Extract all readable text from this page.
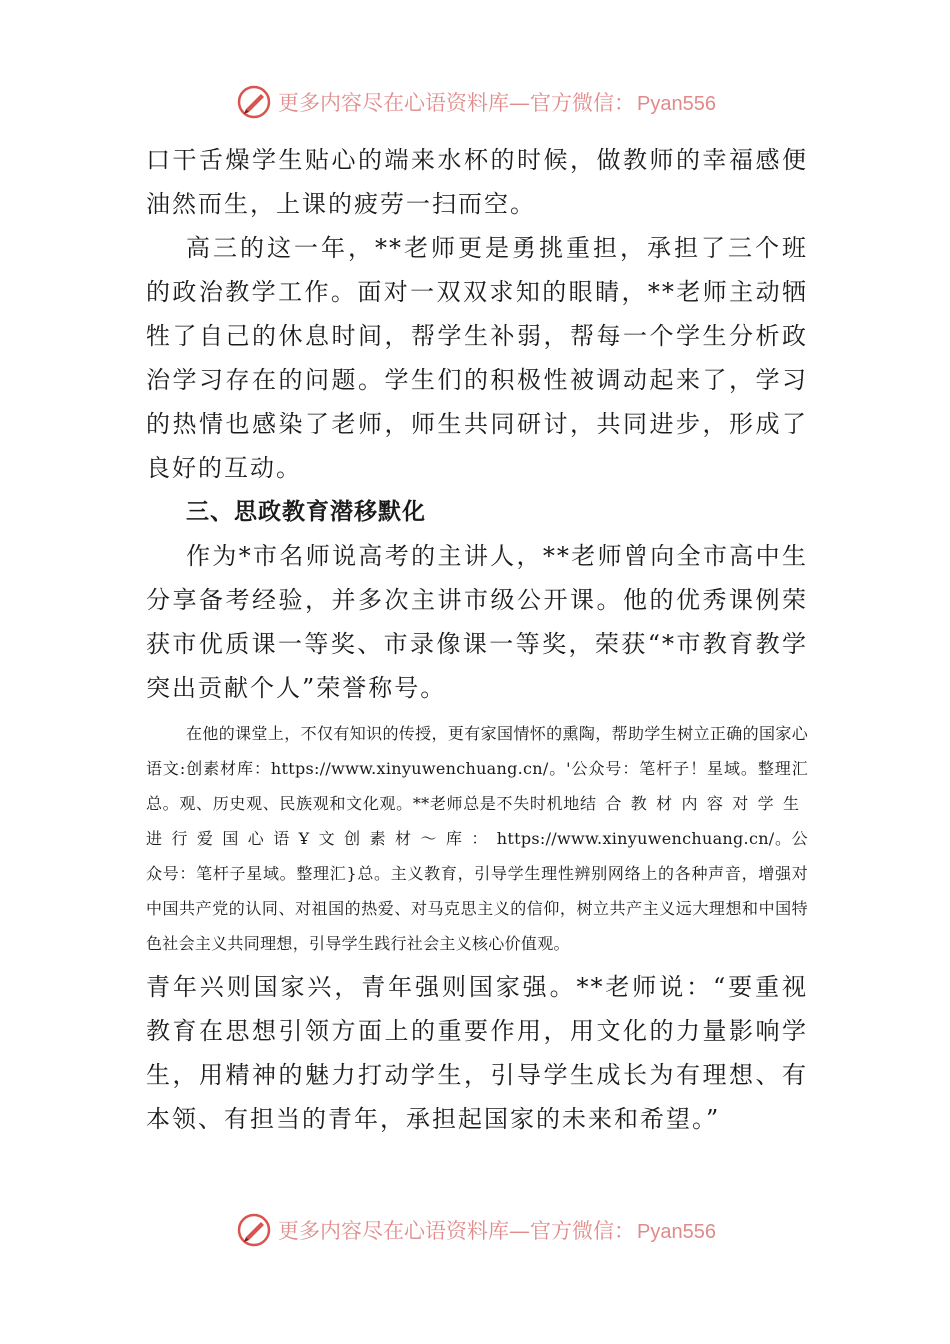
更多内容尽在心语资料库—官方微信： Pyan556

口干舌燥学生贴心的端来水杯的时候，做教师的幸福感便油然而生，上课的疲劳一扫而空。

高三的这一年，**老师更是勇挑重担，承担了三个班的政治教学工作。面对一双双求知的眼睛，**老师主动牺牲了自己的休息时间，帮学生补弱，帮每一个学生分析政治学习存在的问题。学生们的积极性被调动起来了，学习的热情也感染了老师，师生共同研讨，共同进步，形成了良好的互动。

三、思政教育潜移默化

作为*市名师说高考的主讲人，**老师曾向全市高中生分享备考经验，并多次主讲市级公开课。他的优秀课例荣获市优质课一等奖、市录像课一等奖，荣获“*市教育教学突出贡献个人”荣誉称号。

在他的课堂上，不仅有知识的传授，更有家国情怀的熏陶，帮助学生树立正确的国家心语文:创素材库：https://www.xinyuwenchuang.cn/。'公众号：笔杆子！星域。整理汇总。观、历史观、民族观和文化观。**老师总是不失时机地结合教材内容对学生进行爱国心语Ұ文创素材～库：https://www.xinyuwenchuang.cn/。公众号：笔杆子星域。整理汇}总。主义教育，引导学生理性辨别网络上的各种声音，增强对中国共产党的认同、对祖国的热爱、对马克思主义的信仰，树立共产主义远大理想和中国特色社会主义共同理想，引导学生践行社会主义核心价值观。

青年兴则国家兴，青年强则国家强。**老师说：“要重视教育在思想引领方面上的重要作用，用文化的力量影响学生，用精神的魅力打动学生，引导学生成长为有理想、有本领、有担当的青年，承担起国家的未来和希望。”

更多内容尽在心语资料库—官方微信： Pyan556
